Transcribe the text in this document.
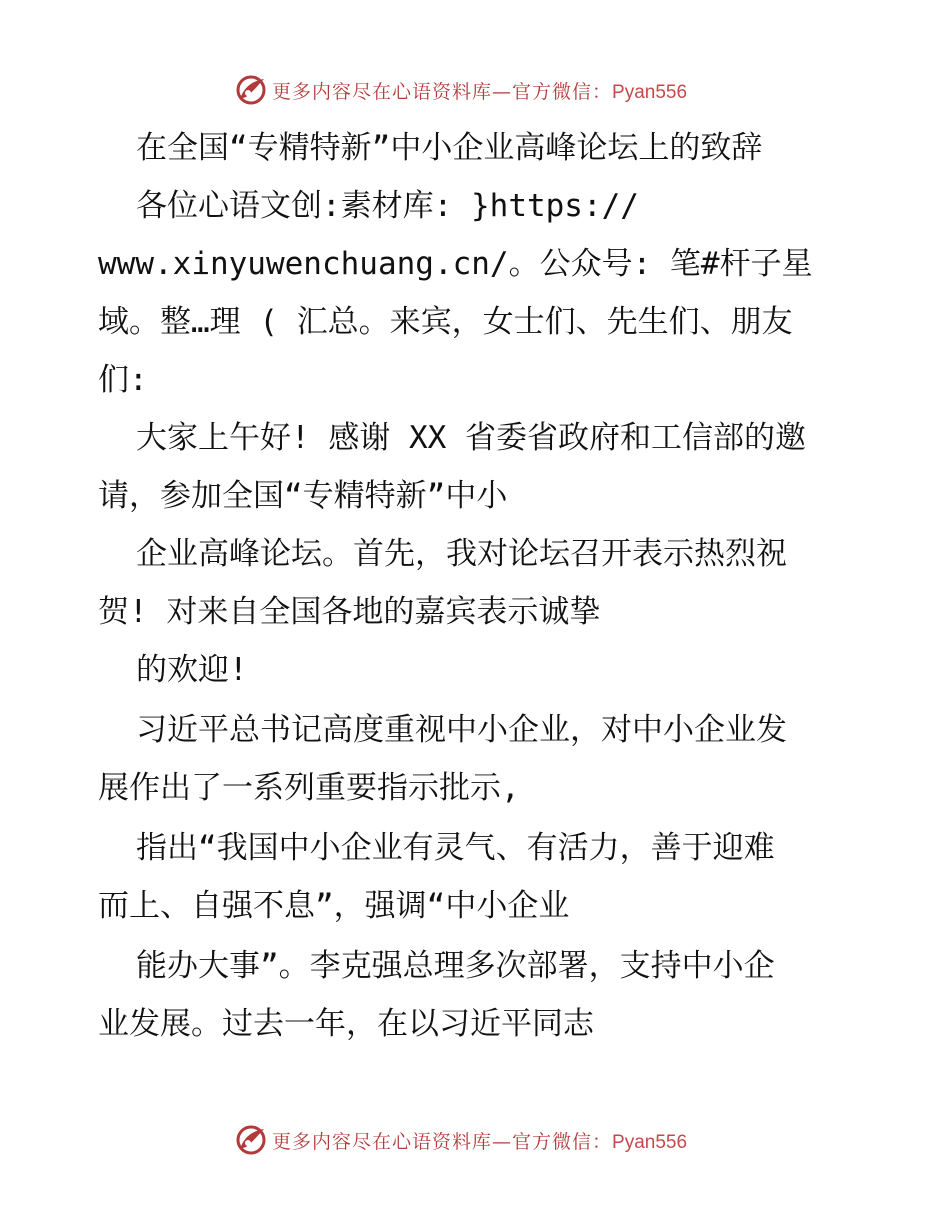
更多内容尽在心语资料库—官方微信：Pyan556
在全国“专精特新”中小企业高峰论坛上的致辞
各位心语文创:素材库: }https://
www.xinyuwenchuang.cn/。公众号: 笔#杆子星
域。整…理 ( 汇总。来宾，女士们、先生们、朋友
们:
大家上午好! 感谢 XX 省委省政府和工信部的邀
请，参加全国“专精特新”中小
企业高峰论坛。首先，我对论坛召开表示热烈祝
贺! 对来自全国各地的嘉宾表示诚挚
的欢迎!
习近平总书记高度重视中小企业，对中小企业发
展作出了一系列重要指示批示,
指出“我国中小企业有灵气、有活力，善于迎难
而上、自强不息”，强调“中小企业
能办大事”。李克强总理多次部署，支持中小企
业发展。过去一年，在以习近平同志
更多内容尽在心语资料库—官方微信：Pyan556
